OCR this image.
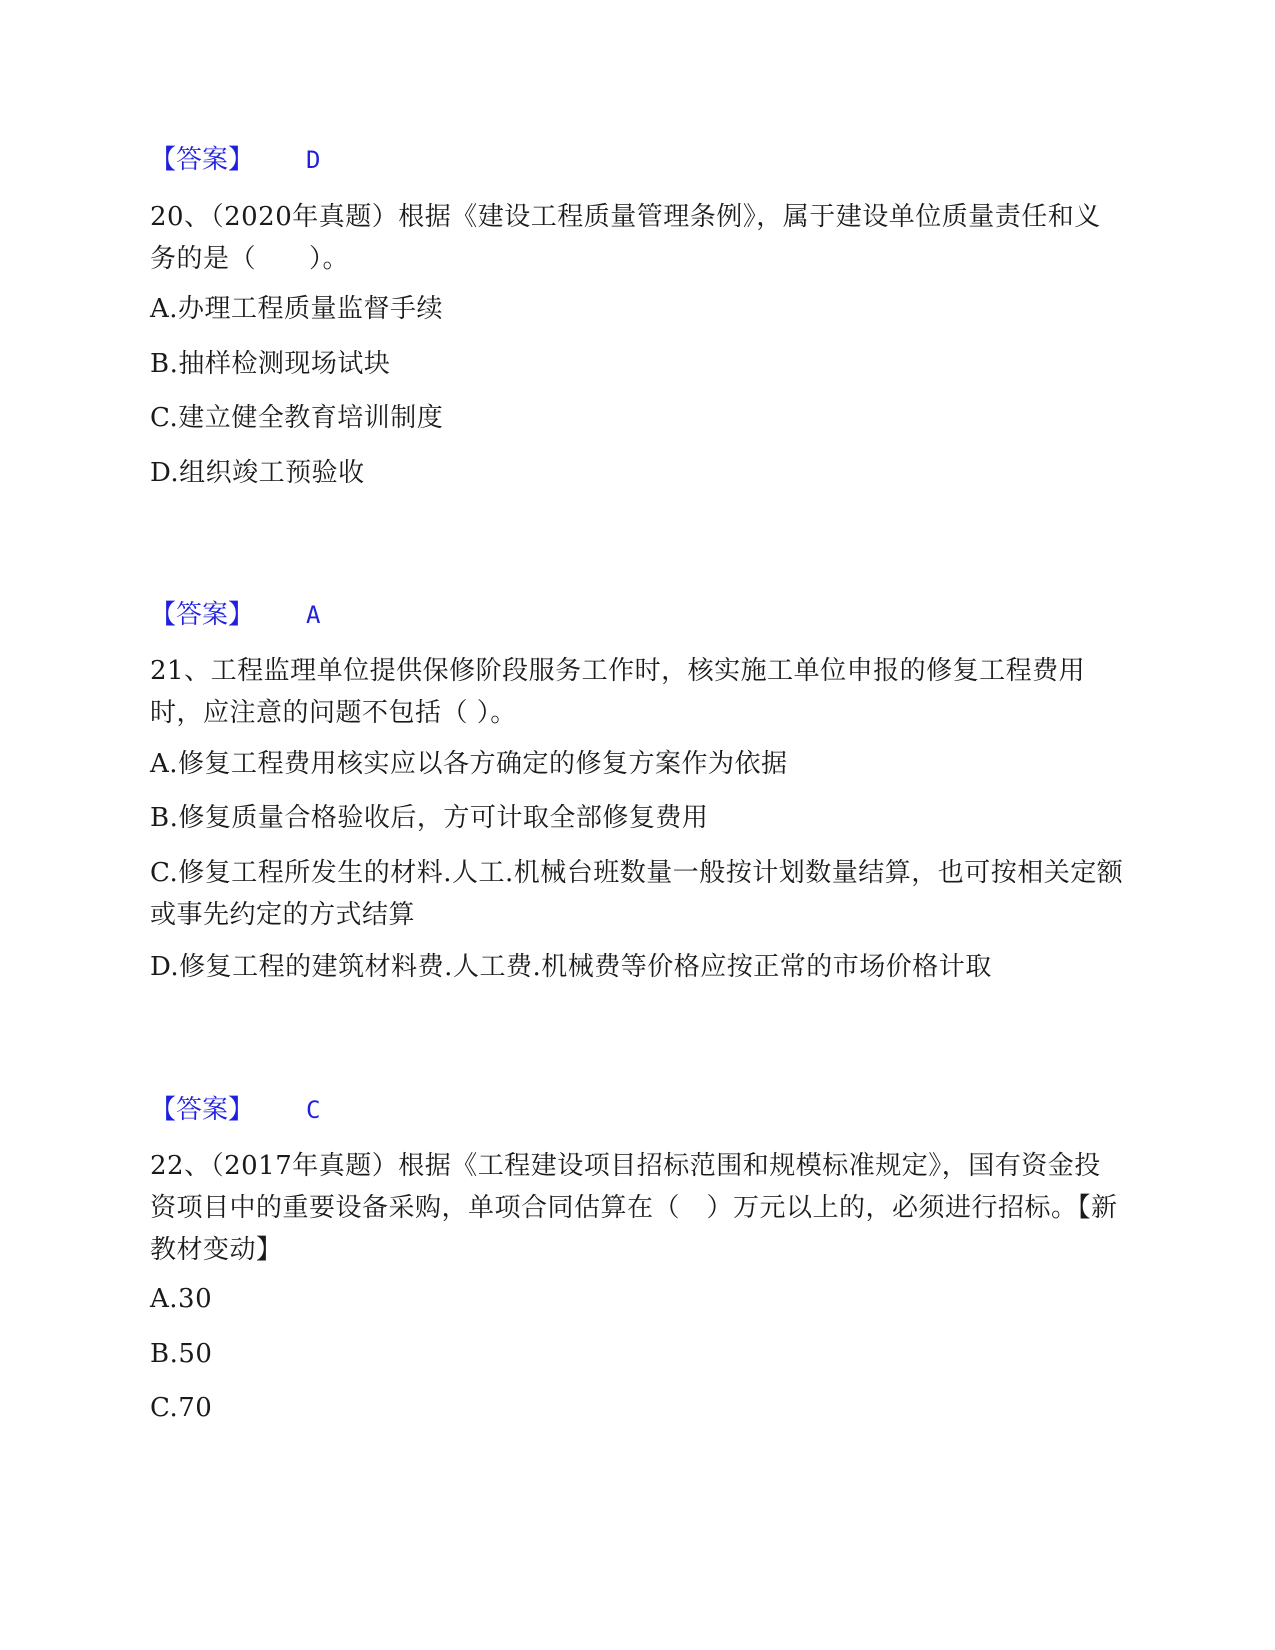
【答案】 D
20、（2020年真题）根据《建设工程质量管理条例》，属于建设单位质量责任和义务的是（　　）。
A.办理工程质量监督手续
B.抽样检测现场试块
C.建立健全教育培训制度
D.组织竣工预验收
【答案】 A
21、工程监理单位提供保修阶段服务工作时，核实施工单位申报的修复工程费用时，应注意的问题不包括（ ）。
A.修复工程费用核实应以各方确定的修复方案作为依据
B.修复质量合格验收后，方可计取全部修复费用
C.修复工程所发生的材料.人工.机械台班数量一般按计划数量结算，也可按相关定额或事先约定的方式结算
D.修复工程的建筑材料费.人工费.机械费等价格应按正常的市场价格计取
【答案】 C
22、（2017年真题）根据《工程建设项目招标范围和规模标准规定》，国有资金投资项目中的重要设备采购，单项合同估算在（　）万元以上的，必须进行招标。【新教材变动】
A.30
B.50
C.70
